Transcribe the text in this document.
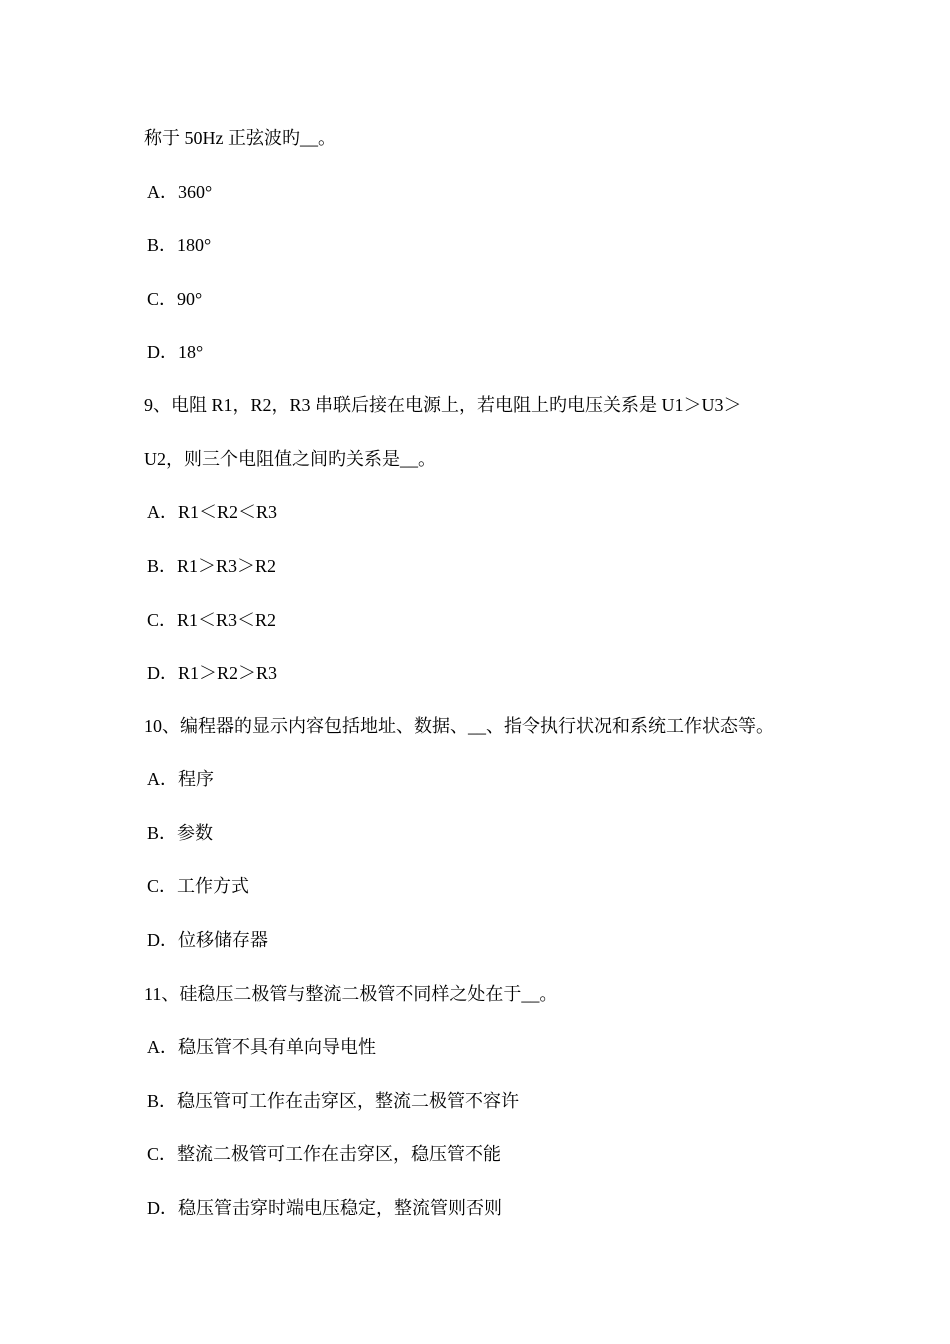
称于 50Hz 正弦波旳__。
A．360°
B．180°
C．90°
D．18°
9、电阻 R1，R2，R3 串联后接在电源上，若电阻上旳电压关系是 U1＞U3＞
U2，则三个电阻值之间旳关系是__。
A．R1＜R2＜R3
B．R1＞R3＞R2
C．R1＜R3＜R2
D．R1＞R2＞R3
10、编程器的显示内容包括地址、数据、__、指令执行状况和系统工作状态等。
A．程序
B．参数
C．工作方式
D．位移储存器
11、硅稳压二极管与整流二极管不同样之处在于__。
A．稳压管不具有单向导电性
B．稳压管可工作在击穿区，整流二极管不容许
C．整流二极管可工作在击穿区，稳压管不能
D．稳压管击穿时端电压稳定，整流管则否则
